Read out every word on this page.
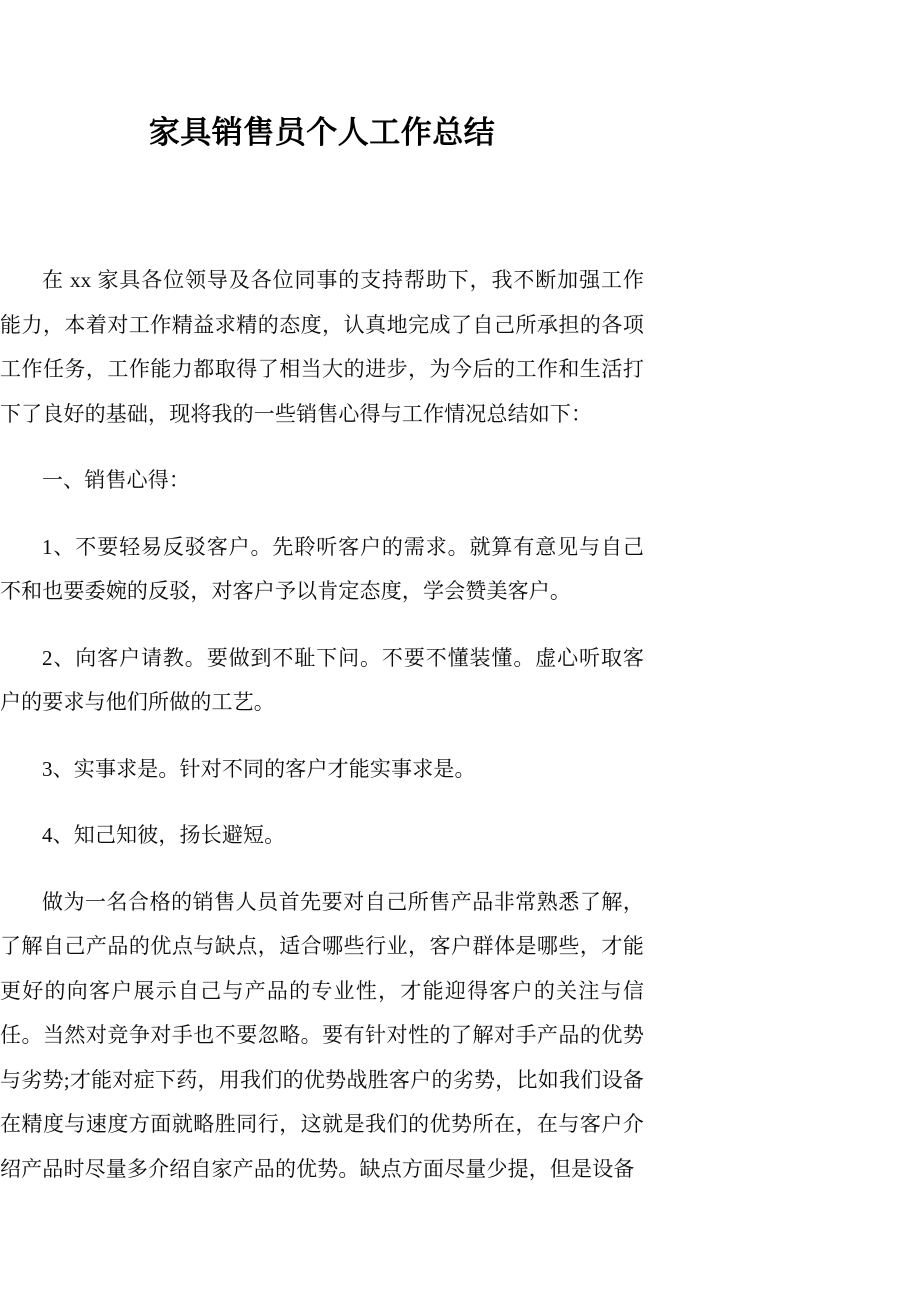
家具销售员个人工作总结

在 xx 家具各位领导及各位同事的支持帮助下，我不断加强工作能力，本着对工作精益求精的态度，认真地完成了自己所承担的各项工作任务，工作能力都取得了相当大的进步，为今后的工作和生活打下了良好的基础，现将我的一些销售心得与工作情况总结如下：

一、销售心得：

1、不要轻易反驳客户。先聆听客户的需求。就算有意见与自己不和也要委婉的反驳，对客户予以肯定态度，学会赞美客户。

2、向客户请教。要做到不耻下问。不要不懂装懂。虚心听取客户的要求与他们所做的工艺。

3、实事求是。针对不同的客户才能实事求是。

4、知己知彼，扬长避短。

做为一名合格的销售人员首先要对自己所售产品非常熟悉了解，了解自己产品的优点与缺点，适合哪些行业，客户群体是哪些，才能更好的向客户展示自己与产品的专业性，才能迎得客户的关注与信任。当然对竞争对手也不要忽略。要有针对性的了解对手产品的优势与劣势;才能对症下药，用我们的优势战胜客户的劣势，比如我们设备在精度与速度方面就略胜同行，这就是我们的优势所在，在与客户介绍产品时尽量多介绍自家产品的优势。缺点方面尽量少提，但是设备
